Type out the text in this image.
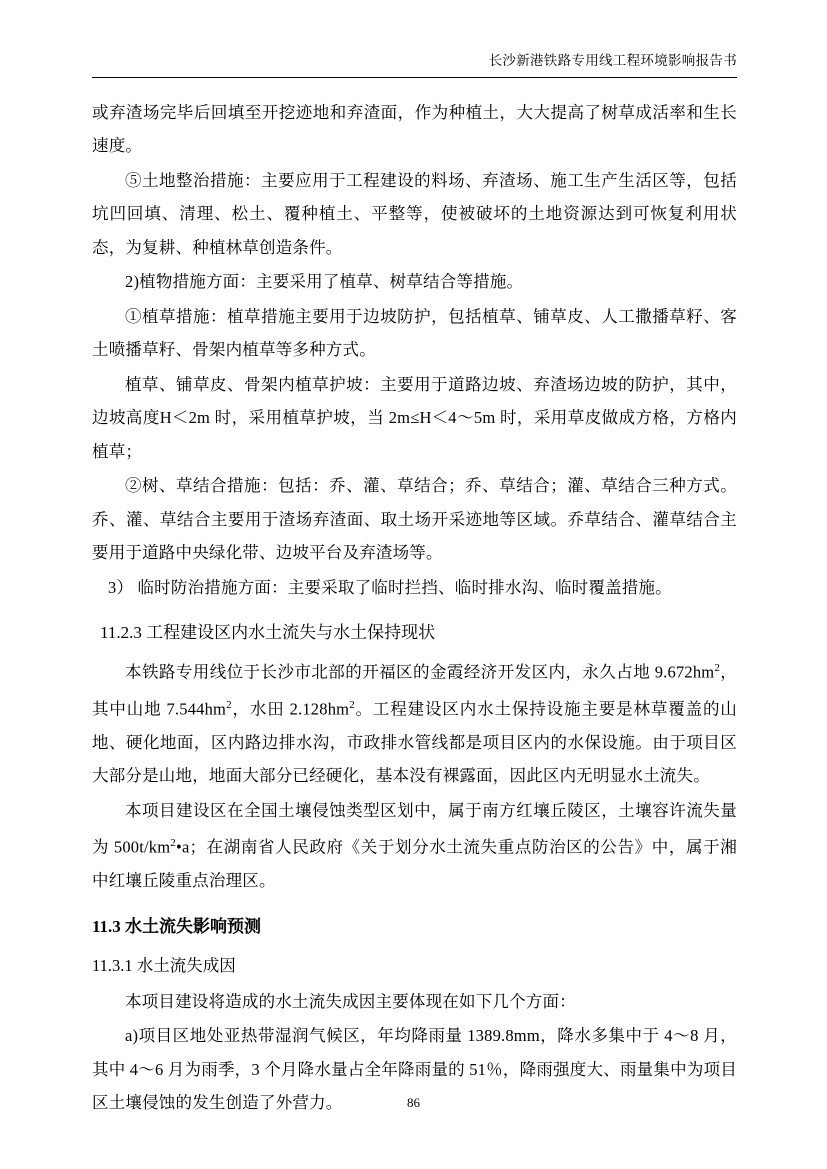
长沙新港铁路专用线工程环境影响报告书

或弃渣场完毕后回填至开挖迹地和弃渣面，作为种植土，大大提高了树草成活率和生长速度。

⑤土地整治措施：主要应用于工程建设的料场、弃渣场、施工生产生活区等，包括坑凹回填、清理、松土、覆种植土、平整等，使被破坏的土地资源达到可恢复利用状态，为复耕、种植林草创造条件。

2)植物措施方面：主要采用了植草、树草结合等措施。

①植草措施：植草措施主要用于边坡防护，包括植草、铺草皮、人工撒播草籽、客土喷播草籽、骨架内植草等多种方式。

植草、铺草皮、骨架内植草护坡：主要用于道路边坡、弃渣场边坡的防护，其中，边坡高度H＜2m 时，采用植草护坡，当 2m≤H＜4～5m 时，采用草皮做成方格，方格内植草；

②树、草结合措施：包括：乔、灌、草结合；乔、草结合；灌、草结合三种方式。乔、灌、草结合主要用于渣场弃渣面、取土场开采迹地等区域。乔草结合、灌草结合主要用于道路中央绿化带、边坡平台及弃渣场等。

3） 临时防治措施方面：主要采取了临时拦挡、临时排水沟、临时覆盖措施。

11.2.3 工程建设区内水土流失与水土保持现状

本铁路专用线位于长沙市北部的开福区的金霞经济开发区内，永久占地 $9.672hm^2$，其中山地 $7.544hm^2$，水田 $2.128hm^2$。工程建设区内水土保持设施主要是林草覆盖的山地、硬化地面，区内路边排水沟，市政排水管线都是项目区内的水保设施。由于项目区大部分是山地，地面大部分已经硬化，基本没有裸露面，因此区内无明显水土流失。

本项目建设区在全国土壤侵蚀类型区划中，属于南方红壤丘陵区，土壤容许流失量为 $500t/km^2•a$；在湖南省人民政府《关于划分水土流失重点防治区的公告》中，属于湘中红壤丘陵重点治理区。

11.3 水土流失影响预测
11.3.1 水土流失成因

本项目建设将造成的水土流失成因主要体现在如下几个方面：

a)项目区地处亚热带湿润气候区，年均降雨量 1389.8mm，降水多集中于 4～8 月，其中 4～6 月为雨季，3 个月降水量占全年降雨量的 51％，降雨强度大、雨量集中为项目区土壤侵蚀的发生创造了外营力。	86
